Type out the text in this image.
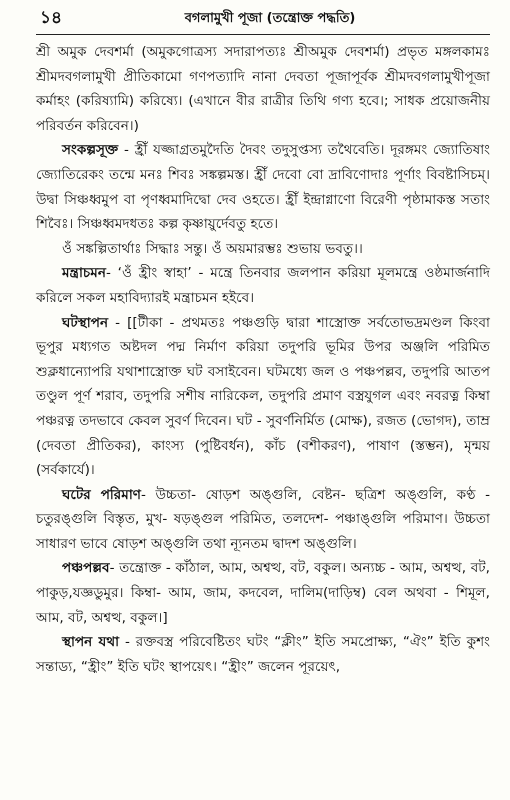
১৪	বগলামুখী পূজা (তন্ত্রোক্ত পদ্ধতি)

শ্রী অমুক দেবশর্মা (অমুকগোত্রস্য সদারাপত্যঃ শ্রীঅমুক দেবশর্মা) প্রভৃত মঙ্গলকামঃ শ্রীমদবগলামুখী প্রীতিকামো গণপত্যাদি নানা দেবতা পূজাপূর্বক শ্রীমদবগলামুখীপূজা কর্মাহং (করিষ্যামি) করিষ্যে। (এখানে বীর রাত্রীর তিথি গণ্য হবে।; সাধক প্রয়োজনীয় পরিবর্তন করিবেন।)

সংকল্পসূক্ত - হ্রীঁ যজ্জাগ্রতমুদৈতি দৈবং তদুসুপ্তস্য তথৈবেতি। দূরঙ্গমং জ্যোতিষাং জ্যোতিরেকং তন্মে মনঃ শিবঃ সঙ্কল্পমস্ত। হ্রীঁ দেবো বো দ্রাবিণোদাঃ পূর্ণাং বিবষ্টাসিচম্। উদ্বা সিঞ্চধ্বমুপ বা পৃণধ্বমাদিদ্বো দেব ওহতে। হ্রীঁ ইন্দ্রাগ্নাণো বিরেণী পৃষ্ঠামাকস্ত সতাং শিবৈঃ। সিঞ্চধ্বমদধতঃ কল্প কৃষ্ণায়ুর্দেবতু হতে।

ওঁ সঙ্কল্পিতার্থাঃ সিদ্ধাঃ সন্তু। ওঁ অয়মারম্ভঃ শুভায় ভবতু।।

মন্ত্রাচমন- ‘ওঁ হ্রীং স্বাহা’ - মন্ত্রে তিনবার জলপান করিয়া মূলমন্ত্রে ওষ্ঠমার্জনাদি করিলে সকল মহাবিদ্যারই মন্ত্রাচমন হইবে।

ঘটস্থাপন - [[টীকা - প্রথমতঃ পঞ্চগুড়ি দ্বারা শাস্ত্রোক্ত সর্বতোভদ্রমণ্ডল কিংবা ভূপুর মধ্যগত অষ্টদল পদ্ম নির্মাণ করিয়া তদুপরি ভূমির উপর অঞ্জলি পরিমিত শুক্লধান্যোপরি যথাশাস্ত্রোক্ত ঘট বসাইবেন। ঘটমধ্যে জল ও পঞ্চপল্লব, তদুপরি আতপ তণ্ডুল পূর্ণ শরাব, তদুপরি সশীষ নারিকেল, তদুপরি প্রমাণ বস্ত্রযুগল এবং নবরত্ন কিম্বা পঞ্চরত্ন তদভাবে কেবল সুবর্ণ দিবেন। ঘট - সুবর্ণনির্মিত (মোক্ষ), রজত (ভোগদ), তাম্র (দেবতা প্রীতিকর), কাংস্য (পুষ্টিবর্ধন), কাঁচ (বশীকরণ), পাষাণ (স্তম্ভন), মৃন্ময় (সর্বকার্যে)।

ঘটের পরিমাণ- উচ্চতা- ষোড়শ অঙ্গুলি, বেষ্টন- ছত্রিশ অঙ্গুলি, কণ্ঠ - চতুরঙ্গুলি বিস্তৃত, মুখ- ষড়ঙ্গুল পরিমিত, তলদেশ- পঞ্চাঙ্গুলি পরিমাণ। উচ্চতা সাধারণ ভাবে ষোড়শ অঙ্গুলি তথা ন্যূনতম দ্বাদশ অঙ্গুলি।

পঞ্চপল্লব- তন্ত্রোক্ত - কাঁঠাল, আম, অশ্বত্থ, বট, বকুল। অন্যচ্চ - আম, অশ্বত্থ, বট, পাকুড়,যজ্ঞডুমুর। কিম্বা- আম, জাম, কদবেল, দালিম(দাড়িম্ব) বেল অথবা - শিমূল, আম, বট, অশ্বত্থ, বকুল।]

স্থাপন যথা - রক্তবস্ত্র পরিবেষ্টিতং ঘটং “ক্লীং” ইতি সমপ্রোক্ষ্য, “ঐং” ইতি কুশং সন্তাড্য, “হ্রীং” ইতি ঘটং স্থাপয়েৎ। “হ্রীং” জলেন পূরয়েৎ,
